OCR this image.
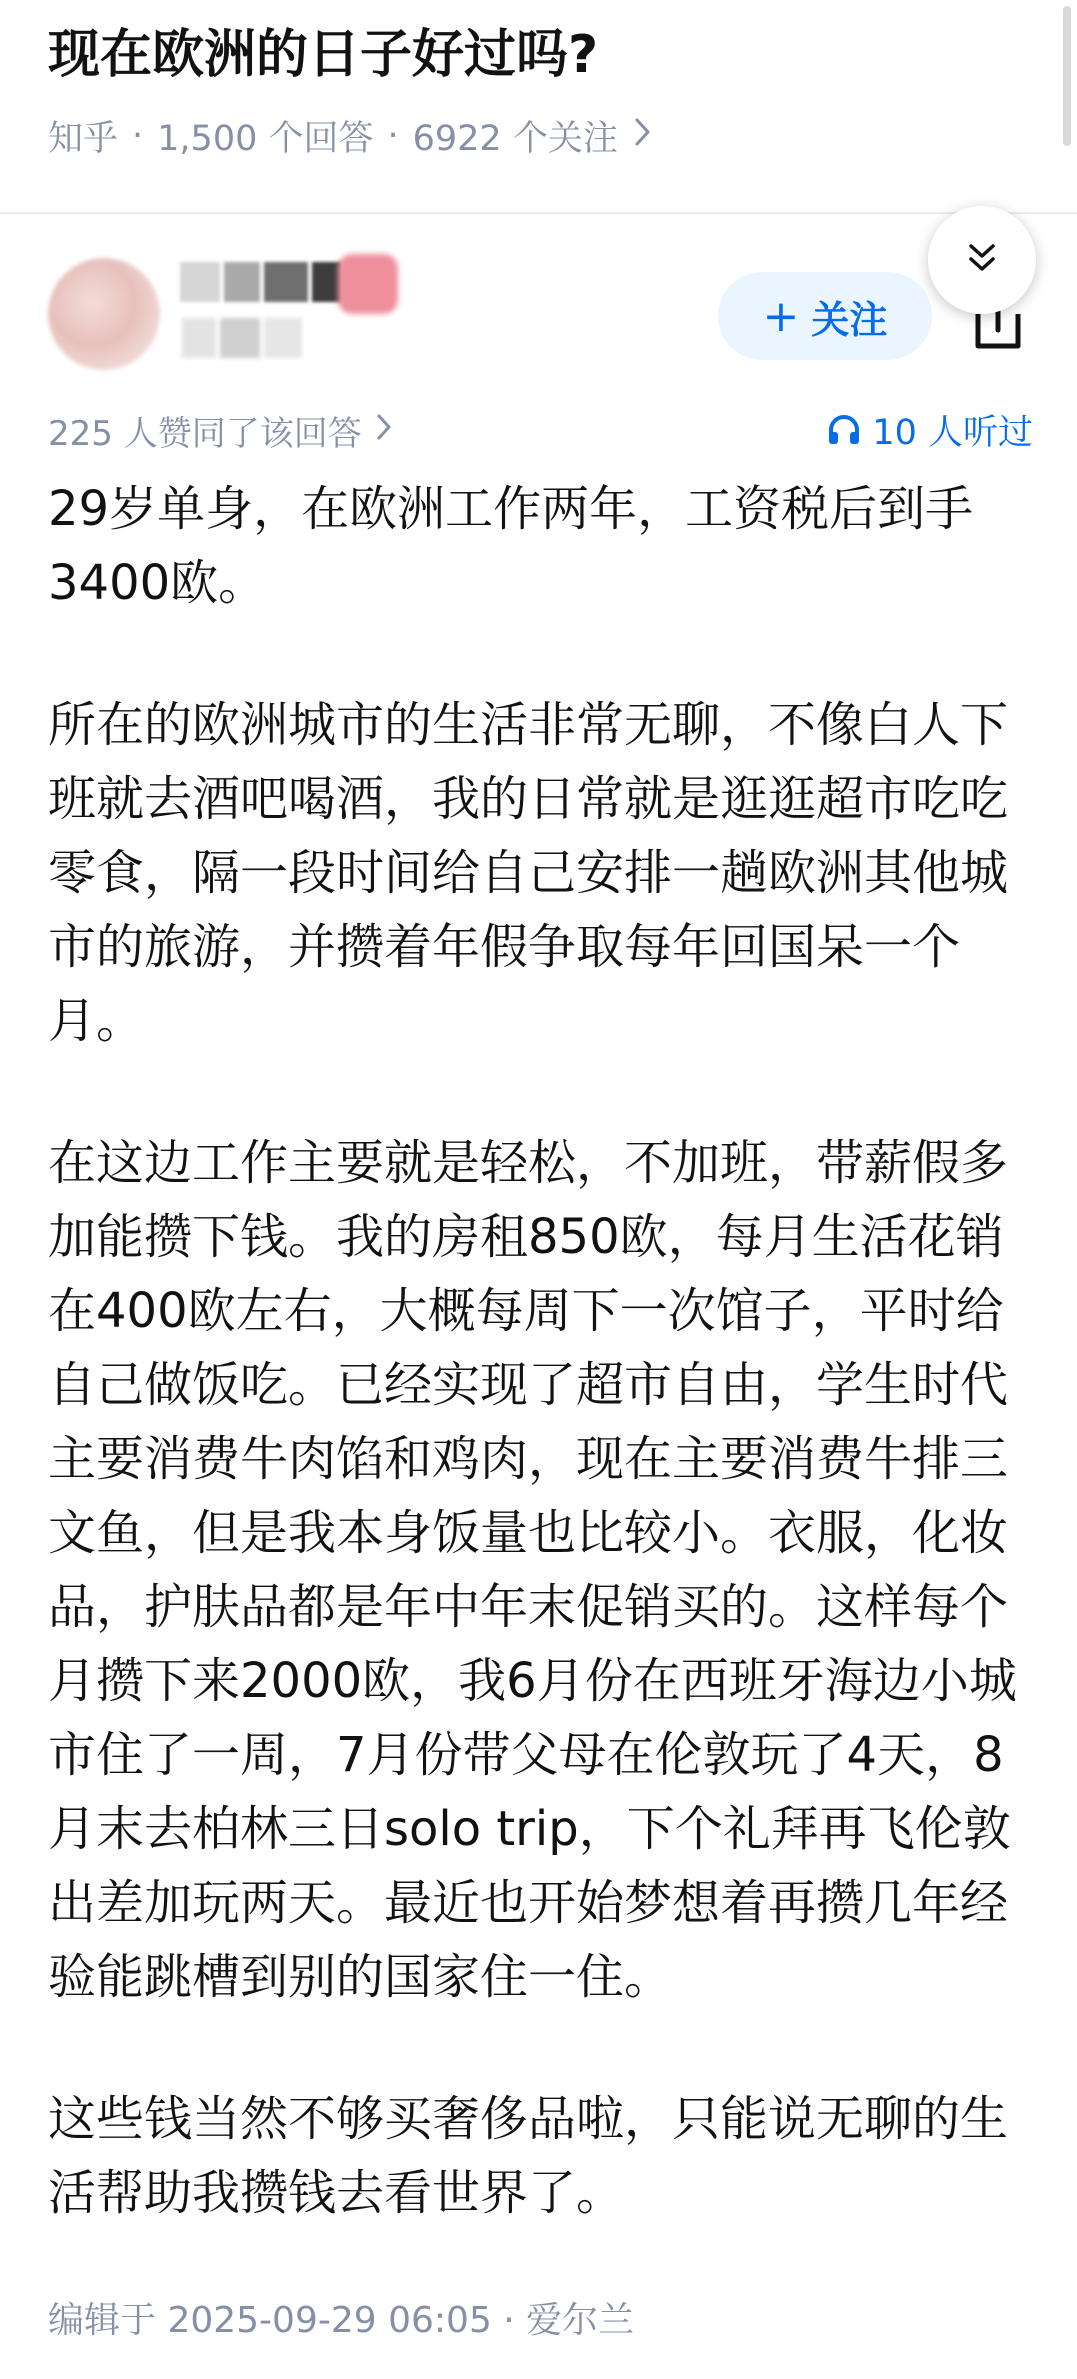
现在欧洲的日子好过吗?
知乎 · 1,500 个回答 · 6922 个关注
+ 关注
225 人赞同了该回答	10 人听过

29岁单身，在欧洲工作两年，工资税后到手3400欧。

所在的欧洲城市的生活非常无聊，不像白人下班就去酒吧喝酒，我的日常就是逛逛超市吃吃零食，隔一段时间给自己安排一趟欧洲其他城市的旅游，并攒着年假争取每年回国呆一个月。

在这边工作主要就是轻松，不加班，带薪假多加能攒下钱。我的房租850欧，每月生活花销在400欧左右，大概每周下一次馆子，平时给自己做饭吃。已经实现了超市自由，学生时代主要消费牛肉馅和鸡肉，现在主要消费牛排三文鱼，但是我本身饭量也比较小。衣服，化妆品，护肤品都是年中年末促销买的。这样每个月攒下来2000欧，我6月份在西班牙海边小城市住了一周，7月份带父母在伦敦玩了4天，8月末去柏林三日solo trip，下个礼拜再飞伦敦出差加玩两天。最近也开始梦想着再攒几年经验能跳槽到别的国家住一住。

这些钱当然不够买奢侈品啦，只能说无聊的生活帮助我攒钱去看世界了。

编辑于 2025-09-29 06:05 · 爱尔兰
